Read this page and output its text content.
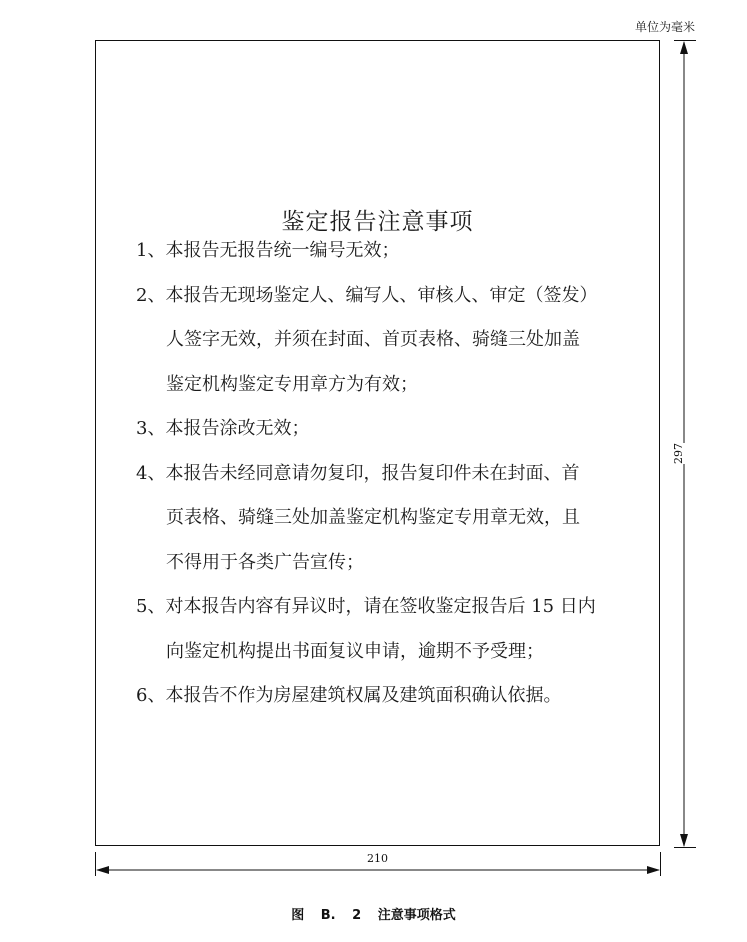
单位为毫米
鉴定报告注意事项
1、本报告无报告统一编号无效；
2、本报告无现场鉴定人、编写人、审核人、审定（签发）
人签字无效，并须在封面、首页表格、骑缝三处加盖
鉴定机构鉴定专用章方为有效；
3、本报告涂改无效；
4、本报告未经同意请勿复印，报告复印件未在封面、首
页表格、骑缝三处加盖鉴定机构鉴定专用章无效，且
不得用于各类广告宣传；
5、对本报告内容有异议时，请在签收鉴定报告后 15 日内
向鉴定机构提出书面复议申请，逾期不予受理；
6、本报告不作为房屋建筑权属及建筑面积确认依据。
297
210
图 B. 2 注意事项格式
